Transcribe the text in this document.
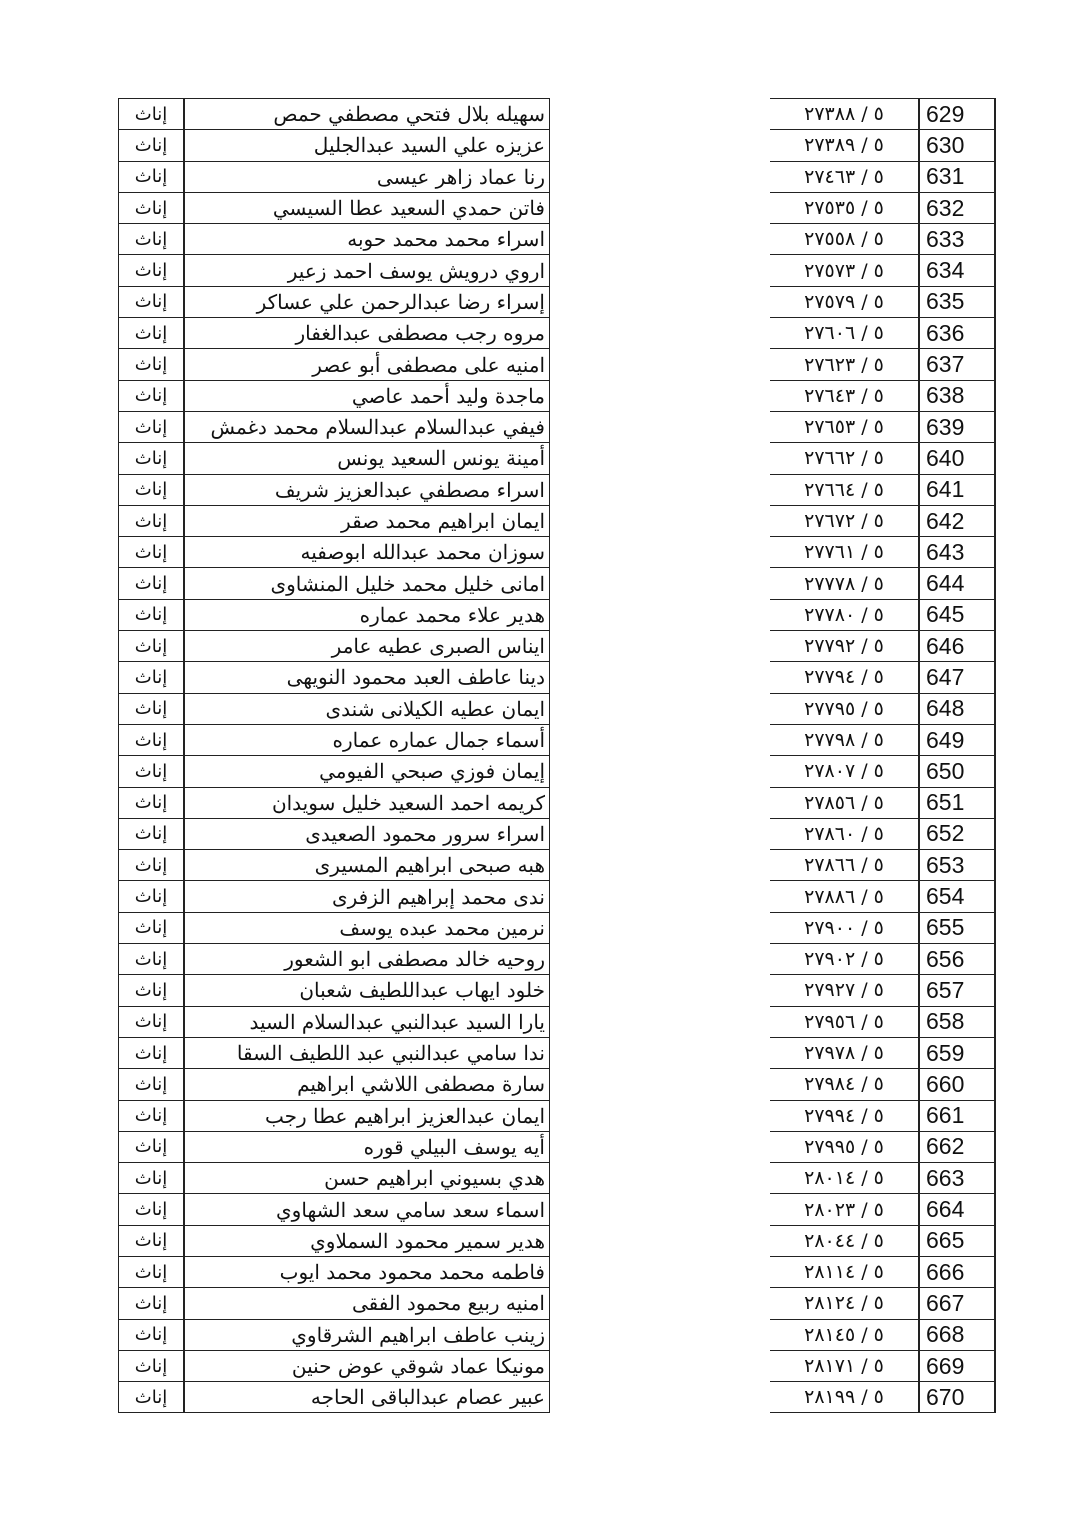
إناث	سهيله بلال فتحي مصطفي حمص		٥ / ٢٧٣٨٨	629
إناث	عزيزه علي السيد عبدالجليل		٥ / ٢٧٣٨٩	630
إناث	رنا عماد زاهر عيسى		٥ / ٢٧٤٦٣	631
إناث	فاتن حمدي السعيد عطا السيسي		٥ / ٢٧٥٣٥	632
إناث	اسراء محمد محمد حوبه		٥ / ٢٧٥٥٨	633
إناث	اروي درويش يوسف احمد زعير		٥ / ٢٧٥٧٣	634
إناث	إسراء رضا عبدالرحمن علي عساكر		٥ / ٢٧٥٧٩	635
إناث	مروه رجب مصطفى عبدالغفار		٥ / ٢٧٦٠٦	636
إناث	امنيه على مصطفى أبو عصر		٥ / ٢٧٦٢٣	637
إناث	ماجدة وليد أحمد عاصي		٥ / ٢٧٦٤٣	638
إناث	فيفي عبدالسلام عبدالسلام محمد دغمش		٥ / ٢٧٦٥٣	639
إناث	أمينة يونس السعيد يونس		٥ / ٢٧٦٦٢	640
إناث	اسراء مصطفي عبدالعزيز شريف		٥ / ٢٧٦٦٤	641
إناث	ايمان ابراهيم محمد صقر		٥ / ٢٧٦٧٢	642
إناث	سوزان محمد عبدالله ابوصفيه		٥ / ٢٧٧٦١	643
إناث	امانى خليل محمد خليل المنشاوى		٥ / ٢٧٧٧٨	644
إناث	هدير علاء محمد عماره		٥ / ٢٧٧٨٠	645
إناث	ايناس الصبرى عطيه عامر		٥ / ٢٧٧٩٢	646
إناث	دينا عاطف العبد محمود النويهى		٥ / ٢٧٧٩٤	647
إناث	ايمان عطيه الكيلانى شندى		٥ / ٢٧٧٩٥	648
إناث	أسماء جمال عماره عماره		٥ / ٢٧٧٩٨	649
إناث	إيمان فوزي صبحي الفيومي		٥ / ٢٧٨٠٧	650
إناث	كريمه احمد السعيد خليل سويدان		٥ / ٢٧٨٥٦	651
إناث	اسراء سرور محمود الصعيدى		٥ / ٢٧٨٦٠	652
إناث	هبه صبحى ابراهيم المسيرى		٥ / ٢٧٨٦٦	653
إناث	ندى محمد إبراهيم الزفرى		٥ / ٢٧٨٨٦	654
إناث	نرمين محمد عبده يوسف		٥ / ٢٧٩٠٠	655
إناث	روحيه خالد مصطفى ابو الشعور		٥ / ٢٧٩٠٢	656
إناث	خلود ايهاب عبداللطيف شعبان		٥ / ٢٧٩٢٧	657
إناث	يارا السيد عبدالنبي عبدالسلام السيد		٥ / ٢٧٩٥٦	658
إناث	ندا سامي عبدالنبي عبد اللطيف السقا		٥ / ٢٧٩٧٨	659
إناث	سارة مصطفى اللاشي ابراهيم		٥ / ٢٧٩٨٤	660
إناث	ايمان عبدالعزيز ابراهيم عطا رجب		٥ / ٢٧٩٩٤	661
إناث	أيه يوسف البيلي قوره		٥ / ٢٧٩٩٥	662
إناث	هدي بسيوني ابراهيم حسن		٥ / ٢٨٠١٤	663
إناث	اسماء سعد سامي سعد الشهاوي		٥ / ٢٨٠٢٣	664
إناث	هدير سمير محمود السملاوي		٥ / ٢٨٠٤٤	665
إناث	فاطمه محمد محمود محمد ايوب		٥ / ٢٨١١٤	666
إناث	امنيه ربيع محمود الفقى		٥ / ٢٨١٢٤	667
إناث	زينب عاطف ابراهيم الشرقاوي		٥ / ٢٨١٤٥	668
إناث	مونيكا عماد شوقي عوض حنين		٥ / ٢٨١٧١	669
إناث	عبير عصام عبدالباقى الحاجه		٥ / ٢٨١٩٩	670
